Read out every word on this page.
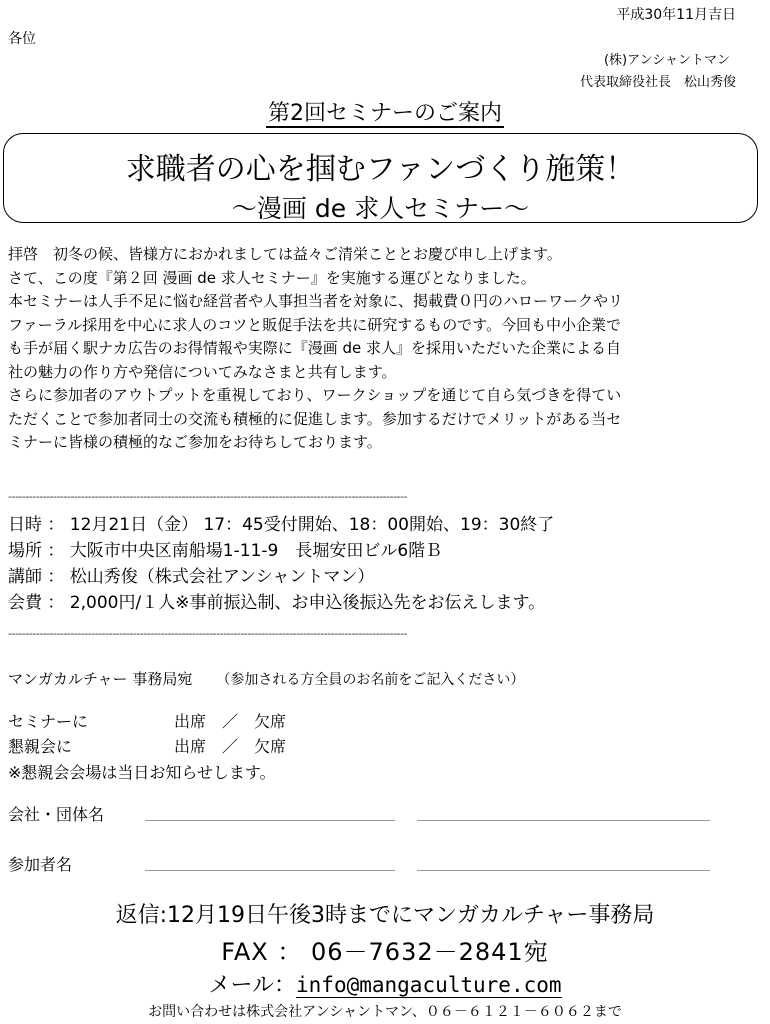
平成30年11月吉日
各位
(株)アンシャントマン
代表取締役社長　松山秀俊
第2回セミナーのご案内
求職者の心を掴むファンづくり施策！
～漫画 de 求人セミナー～
拝啓　初冬の候、皆様方におかれましては益々ご清栄こととお慶び申し上げます。
さて、この度『第２回 漫画 de 求人セミナー』を実施する運びとなりました。
本セミナーは人手不足に悩む経営者や人事担当者を対象に、掲載費０円のハローワークやリ
ファーラル採用を中心に求人のコツと販促手法を共に研究するものです。今回も中小企業で
も手が届く駅ナカ広告のお得情報や実際に『漫画 de 求人』を採用いただいた企業による自
社の魅力の作り方や発信についてみなさまと共有します。
さらに参加者のアウトプットを重視しており、ワークショップを通じて自ら気づきを得てい
ただくことで参加者同士の交流も積極的に促進します。参加するだけでメリットがある当セ
ミナーに皆様の積極的なご参加をお待ちしております。
-------------------------------------------------------------------------------------------------------------------
日時 ： 12月21日（金） 17：45受付開始、18：00開始、19：30終了
場所 ： 大阪市中央区南船場1-11-9　長堀安田ビル6階Ｂ
講師 ： 松山秀俊（株式会社アンシャントマン）
会費 ： 2,000円/１人※事前振込制、お申込後振込先をお伝えします。
-------------------------------------------------------------------------------------------------------------------
マンガカルチャー 事務局宛 （参加される方全員のお名前をご記入ください）
セミナーに	出席　／　欠席
懇親会に	出席　／　欠席
※懇親会会場は当日お知らせします。
会社・団体名
参加者名
返信:12月19日午後3時までにマンガカルチャー事務局
FAX ： 06－7632－2841宛
メール：info@mangaculture.com
お問い合わせは株式会社アンシャントマン、０６－６１２１－６０６２まで
